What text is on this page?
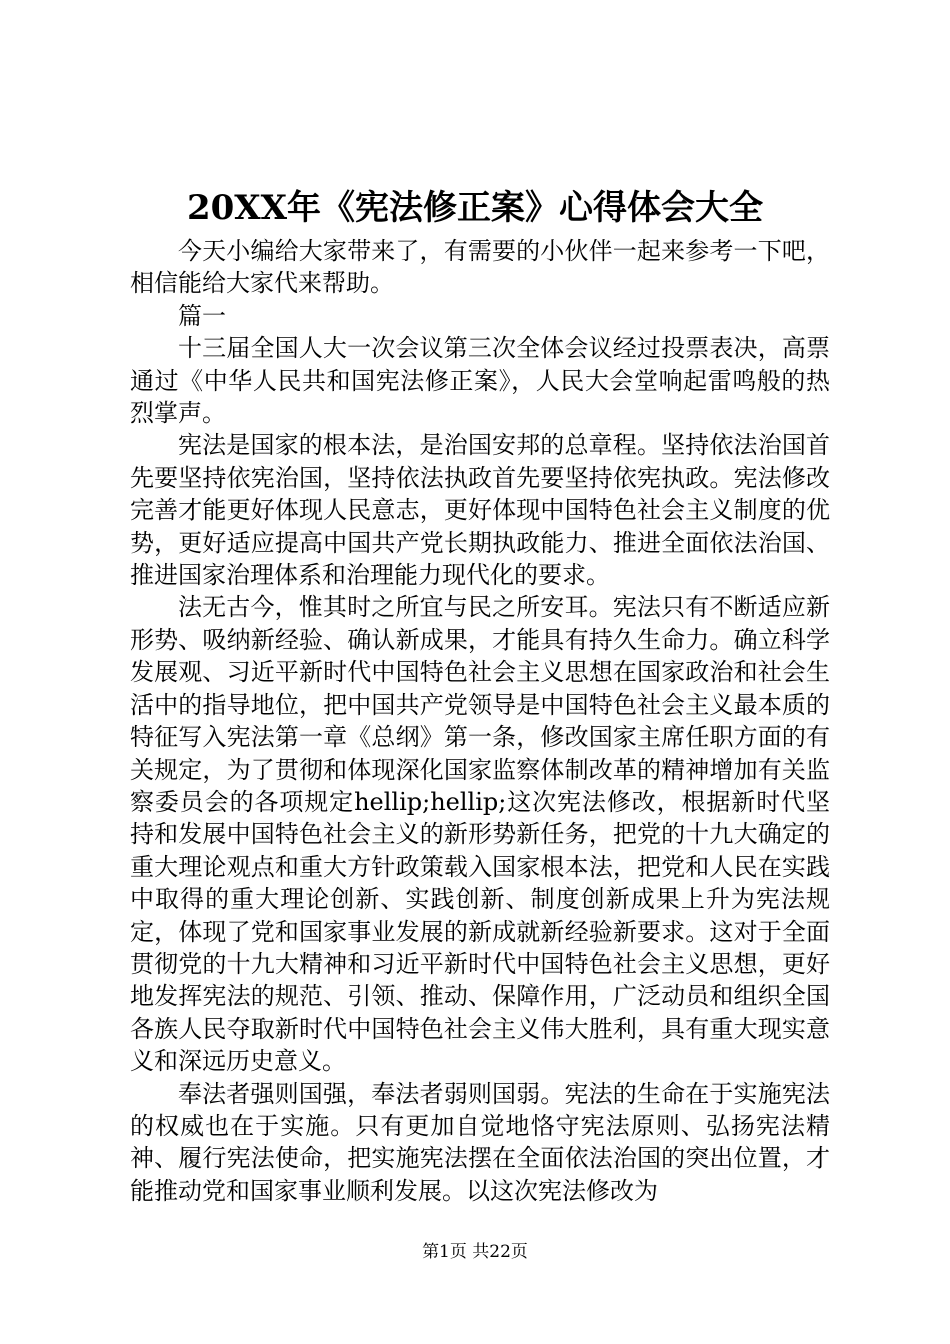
20XX年《宪法修正案》心得体会大全

今天小编给大家带来了，有需要的小伙伴一起来参考一下吧，相信能给大家代来帮助。

篇一

十三届全国人大一次会议第三次全体会议经过投票表决，高票通过《中华人民共和国宪法修正案》，人民大会堂响起雷鸣般的热烈掌声。

宪法是国家的根本法，是治国安邦的总章程。坚持依法治国首先要坚持依宪治国，坚持依法执政首先要坚持依宪执政。宪法修改完善才能更好体现人民意志，更好体现中国特色社会主义制度的优势，更好适应提高中国共产党长期执政能力、推进全面依法治国、推进国家治理体系和治理能力现代化的要求。

法无古今，惟其时之所宜与民之所安耳。宪法只有不断适应新形势、吸纳新经验、确认新成果，才能具有持久生命力。确立科学发展观、习近平新时代中国特色社会主义思想在国家政治和社会生活中的指导地位，把中国共产党领导是中国特色社会主义最本质的特征写入宪法第一章《总纲》第一条，修改国家主席任职方面的有关规定，为了贯彻和体现深化国家监察体制改革的精神增加有关监察委员会的各项规定hellip;hellip;这次宪法修改，根据新时代坚持和发展中国特色社会主义的新形势新任务，把党的十九大确定的重大理论观点和重大方针政策载入国家根本法，把党和人民在实践中取得的重大理论创新、实践创新、制度创新成果上升为宪法规定，体现了党和国家事业发展的新成就新经验新要求。这对于全面贯彻党的十九大精神和习近平新时代中国特色社会主义思想，更好地发挥宪法的规范、引领、推动、保障作用，广泛动员和组织全国各族人民夺取新时代中国特色社会主义伟大胜利，具有重大现实意义和深远历史意义。

奉法者强则国强，奉法者弱则国弱。宪法的生命在于实施宪法的权威也在于实施。只有更加自觉地恪守宪法原则、弘扬宪法精神、履行宪法使命，把实施宪法摆在全面依法治国的突出位置，才能推动党和国家事业顺利发展。以这次宪法修改为

第1页 共22页
